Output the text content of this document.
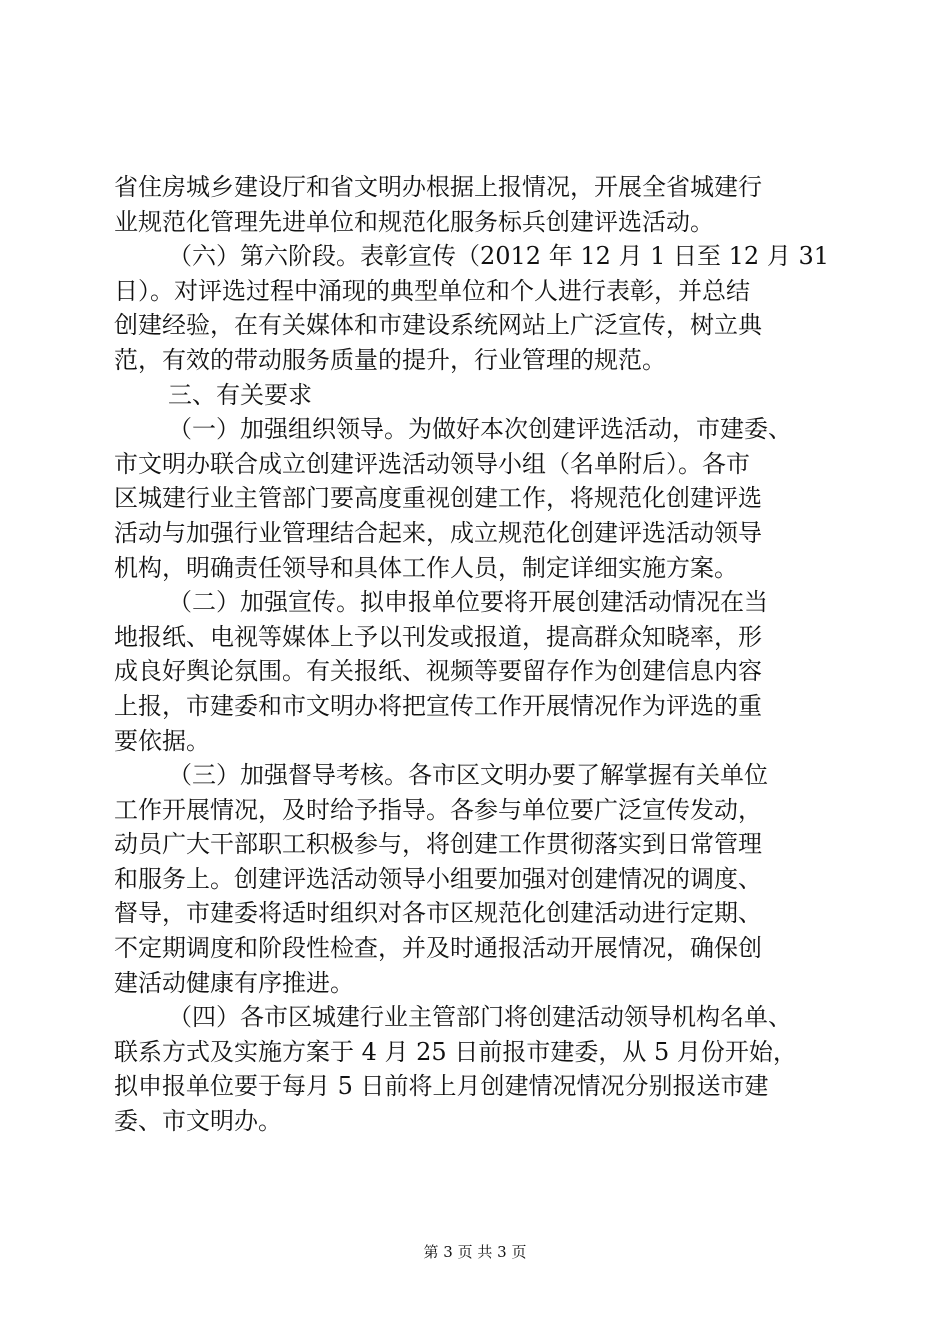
省住房城乡建设厅和省文明办根据上报情况，开展全省城建行
业规范化管理先进单位和规范化服务标兵创建评选活动。
（六）第六阶段。表彰宣传（2012 年 12 月 1 日至 12 月 31
日）。对评选过程中涌现的典型单位和个人进行表彰，并总结
创建经验，在有关媒体和市建设系统网站上广泛宣传，树立典
范，有效的带动服务质量的提升，行业管理的规范。
三、有关要求
（一）加强组织领导。为做好本次创建评选活动，市建委、
市文明办联合成立创建评选活动领导小组（名单附后）。各市
区城建行业主管部门要高度重视创建工作，将规范化创建评选
活动与加强行业管理结合起来，成立规范化创建评选活动领导
机构，明确责任领导和具体工作人员，制定详细实施方案。
（二）加强宣传。拟申报单位要将开展创建活动情况在当
地报纸、电视等媒体上予以刊发或报道，提高群众知晓率，形
成良好舆论氛围。有关报纸、视频等要留存作为创建信息内容
上报，市建委和市文明办将把宣传工作开展情况作为评选的重
要依据。
（三）加强督导考核。各市区文明办要了解掌握有关单位
工作开展情况，及时给予指导。各参与单位要广泛宣传发动，
动员广大干部职工积极参与，将创建工作贯彻落实到日常管理
和服务上。创建评选活动领导小组要加强对创建情况的调度、
督导，市建委将适时组织对各市区规范化创建活动进行定期、
不定期调度和阶段性检查，并及时通报活动开展情况，确保创
建活动健康有序推进。
（四）各市区城建行业主管部门将创建活动领导机构名单、
联系方式及实施方案于 4 月 25 日前报市建委，从 5 月份开始，
拟申报单位要于每月 5 日前将上月创建情况情况分别报送市建
委、市文明办。
第 3 页 共 3 页
